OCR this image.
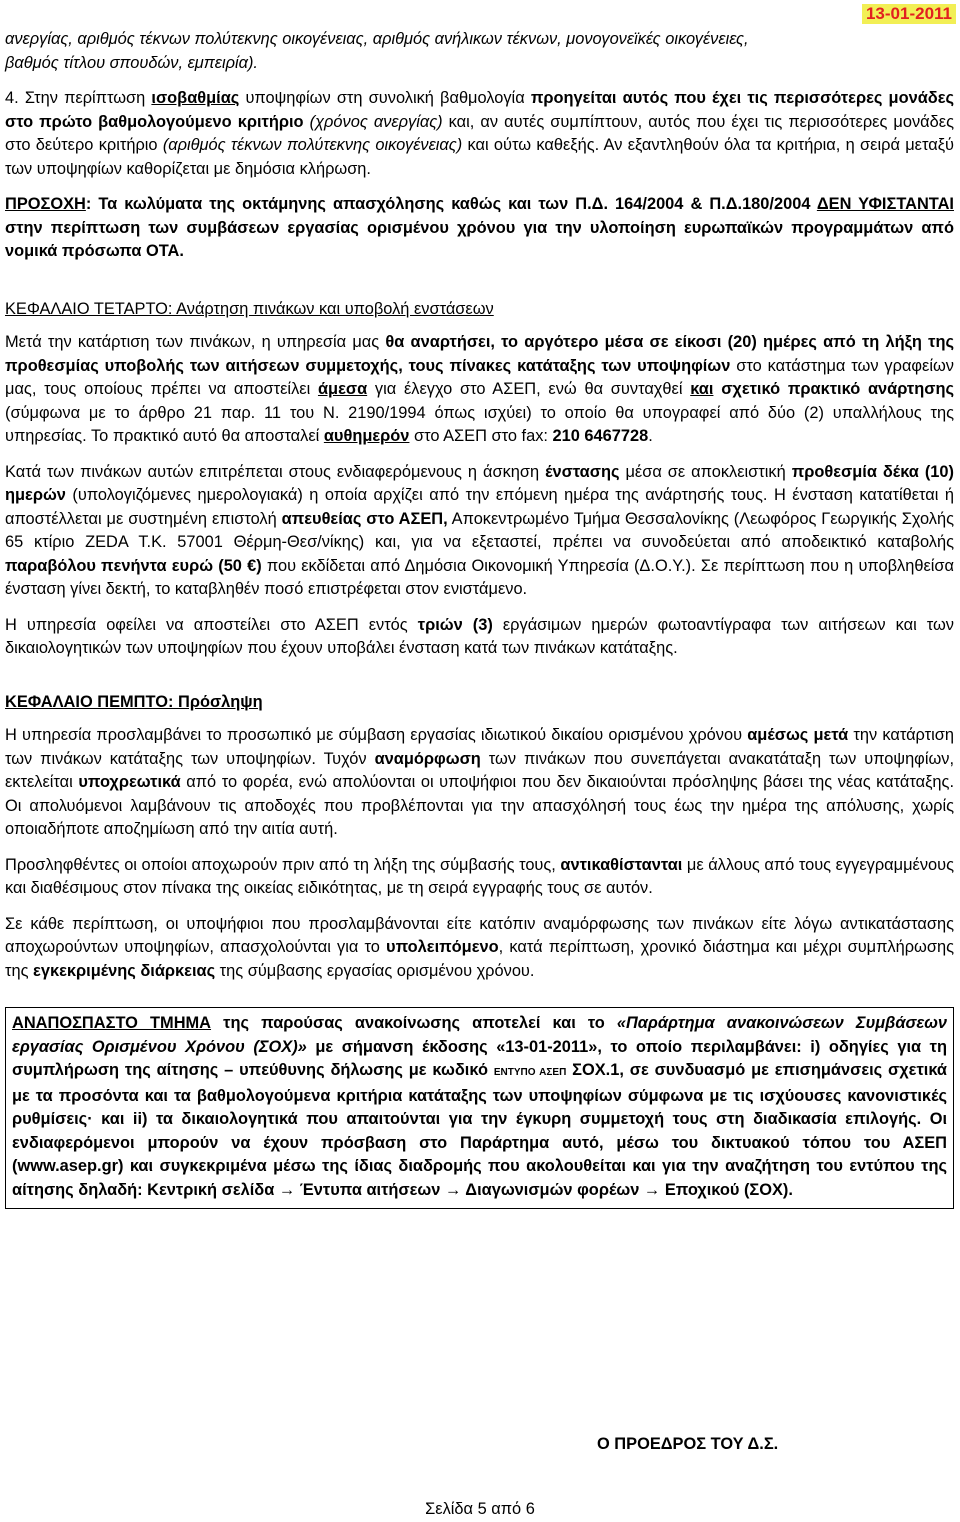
13-01-2011

ανεργίας, αριθμός τέκνων πολύτεκνης οικογένειας, αριθμός ανήλικων τέκνων, μονογονεϊκές οικογένειες,
βαθμός τίτλου σπουδών, εμπειρία).

4. Στην περίπτωση ισοβαθμίας υποψηφίων στη συνολική βαθμολογία προηγείται αυτός που έχει τις περισσότερες μονάδες στο πρώτο βαθμολογούμενο κριτήριο (χρόνος ανεργίας) και, αν αυτές συμπίπτουν, αυτός που έχει τις περισσότερες μονάδες στο δεύτερο κριτήριο (αριθμός τέκνων πολύτεκνης οικογένειας) και ούτω καθεξής. Αν εξαντληθούν όλα τα κριτήρια, η σειρά μεταξύ των υποψηφίων καθορίζεται με δημόσια κλήρωση.

ΠΡΟΣΟΧΗ: Τα κωλύματα της οκτάμηνης απασχόλησης καθώς και των Π.Δ. 164/2004 & Π.Δ.180/2004 ΔΕΝ ΥΦΙΣΤΑΝΤΑΙ στην περίπτωση των συμβάσεων εργασίας ορισμένου χρόνου για την υλοποίηση ευρωπαϊκών προγραμμάτων από νομικά πρόσωπα ΟΤΑ.

ΚΕΦΑΛΑΙΟ ΤΕΤΑΡΤΟ: Ανάρτηση πινάκων και υποβολή ενστάσεων

Μετά την κατάρτιση των πινάκων, η υπηρεσία μας θα αναρτήσει, το αργότερο μέσα σε είκοσι (20) ημέρες από τη λήξη της προθεσμίας υποβολής των αιτήσεων συμμετοχής, τους πίνακες κατάταξης των υποψηφίων στο κατάστημα των γραφείων μας, τους οποίους πρέπει να αποστείλει άμεσα για έλεγχο στο ΑΣΕΠ, ενώ θα συνταχθεί και σχετικό πρακτικό ανάρτησης (σύμφωνα με το άρθρο 21 παρ. 11 του Ν. 2190/1994 όπως ισχύει) το οποίο θα υπογραφεί από δύο (2) υπαλλήλους της υπηρεσίας. Το πρακτικό αυτό θα αποσταλεί αυθημερόν στο ΑΣΕΠ στο fax: 210 6467728.

Κατά των πινάκων αυτών επιτρέπεται στους ενδιαφερόμενους η άσκηση ένστασης μέσα σε αποκλειστική προθεσμία δέκα (10) ημερών (υπολογιζόμενες ημερολογιακά) η οποία αρχίζει από την επόμενη ημέρα της ανάρτησής τους. Η ένσταση κατατίθεται ή αποστέλλεται με συστημένη επιστολή απευθείας στο ΑΣΕΠ, Αποκεντρωμένο Τμήμα Θεσσαλονίκης (Λεωφόρος Γεωργικής Σχολής 65 κτίριο ZEDA T.K. 57001 Θέρμη-Θεσ/νίκης) και, για να εξεταστεί, πρέπει να συνοδεύεται από αποδεικτικό καταβολής παραβόλου πενήντα ευρώ (50 €) που εκδίδεται από Δημόσια Οικονομική Υπηρεσία (Δ.Ο.Υ.). Σε περίπτωση που η υποβληθείσα ένσταση γίνει δεκτή, το καταβληθέν ποσό επιστρέφεται στον ενιστάμενο.

Η υπηρεσία οφείλει να αποστείλει στο ΑΣΕΠ εντός τριών (3) εργάσιμων ημερών φωτοαντίγραφα των αιτήσεων και των δικαιολογητικών των υποψηφίων που έχουν υποβάλει ένσταση κατά των πινάκων κατάταξης.

ΚΕΦΑΛΑΙΟ ΠΕΜΠΤΟ: Πρόσληψη

Η υπηρεσία προσλαμβάνει το προσωπικό με σύμβαση εργασίας ιδιωτικού δικαίου ορισμένου χρόνου αμέσως μετά την κατάρτιση των πινάκων κατάταξης των υποψηφίων. Τυχόν αναμόρφωση των πινάκων που συνεπάγεται ανακατάταξη των υποψηφίων, εκτελείται υποχρεωτικά από το φορέα, ενώ απολύονται οι υποψήφιοι που δεν δικαιούνται πρόσληψης βάσει της νέας κατάταξης. Οι απολυόμενοι λαμβάνουν τις αποδοχές που προβλέπονται για την απασχόλησή τους έως την ημέρα της απόλυσης, χωρίς οποιαδήποτε αποζημίωση από την αιτία αυτή.

Προσληφθέντες οι οποίοι αποχωρούν πριν από τη λήξη της σύμβασής τους, αντικαθίστανται με άλλους από τους εγγεγραμμένους και διαθέσιμους στον πίνακα της οικείας ειδικότητας, με τη σειρά εγγραφής τους σε αυτόν.

Σε κάθε περίπτωση, οι υποψήφιοι που προσλαμβάνονται είτε κατόπιν αναμόρφωσης των πινάκων είτε λόγω αντικατάστασης αποχωρούντων υποψηφίων, απασχολούνται για το υπολειπόμενο, κατά περίπτωση, χρονικό διάστημα και μέχρι συμπλήρωσης της εγκεκριμένης διάρκειας της σύμβασης εργασίας ορισμένου χρόνου.

ΑΝΑΠΟΣΠΑΣΤΟ ΤΜΗΜΑ της παρούσας ανακοίνωσης αποτελεί και το «Παράρτημα ανακοινώσεων Συμβάσεων εργασίας Ορισμένου Χρόνου (ΣΟΧ)» με σήμανση έκδοσης «13-01-2011», το οποίο περιλαμβάνει: i) οδηγίες για τη συμπλήρωση της αίτησης – υπεύθυνης δήλωσης με κωδικό ΕΝΤΥΠΟ ΑΣΕΠ ΣΟΧ.1, σε συνδυασμό με επισημάνσεις σχετικά με τα προσόντα και τα βαθμολογούμενα κριτήρια κατάταξης των υποψηφίων σύμφωνα με τις ισχύουσες κανονιστικές ρυθμίσεις· και ii) τα δικαιολογητικά που απαιτούνται για την έγκυρη συμμετοχή τους στη διαδικασία επιλογής. Οι ενδιαφερόμενοι μπορούν να έχουν πρόσβαση στο Παράρτημα αυτό, μέσω του δικτυακού τόπου του ΑΣΕΠ (www.asep.gr) και συγκεκριμένα μέσω της ίδιας διαδρομής που ακολουθείται και για την αναζήτηση του εντύπου της αίτησης δηλαδή: Κεντρική σελίδα → Έντυπα αιτήσεων → Διαγωνισμών φορέων → Εποχικού (ΣΟΧ).
Ο ΠΡΟΕΔΡΟΣ ΤΟΥ Δ.Σ.
Σελίδα 5 από 6
